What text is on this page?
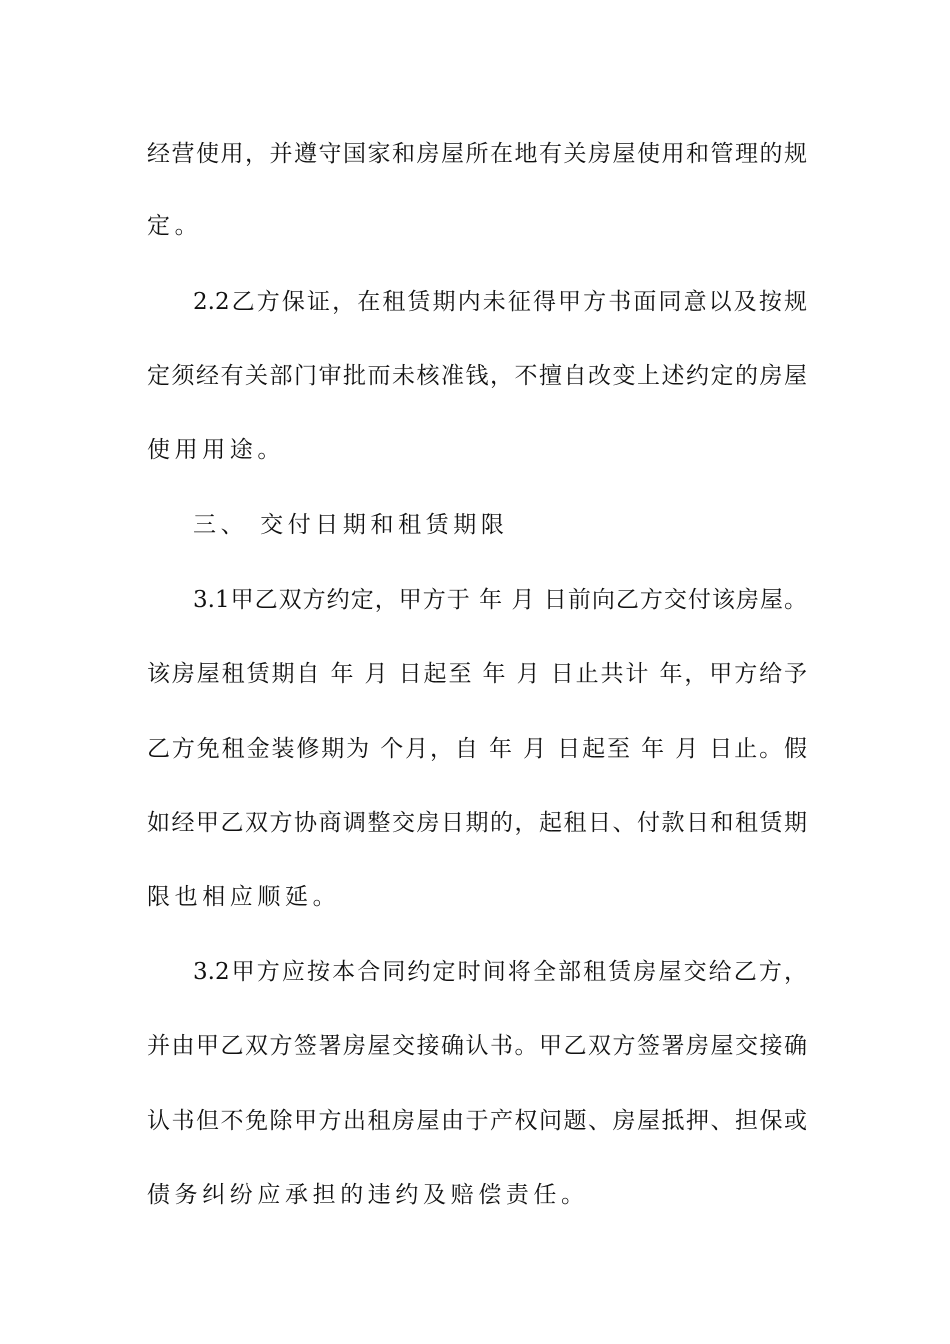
经营使用，并遵守国家和房屋所在地有关房屋使用和管理的规
定。
2.2乙方保证，在租赁期内未征得甲方书面同意以及按规
定须经有关部门审批而未核准钱，不擅自改变上述约定的房屋
使用用途。
三、 交付日期和租赁期限
3.1甲乙双方约定，甲方于 年 月 日前向乙方交付该房屋。
该房屋租赁期自 年 月 日起至 年 月 日止共计 年，甲方给予
乙方免租金装修期为 个月，自 年 月 日起至 年 月 日止。假
如经甲乙双方协商调整交房日期的，起租日、付款日和租赁期
限也相应顺延。
3.2甲方应按本合同约定时间将全部租赁房屋交给乙方，
并由甲乙双方签署房屋交接确认书。甲乙双方签署房屋交接确
认书但不免除甲方出租房屋由于产权问题、房屋抵押、担保或
债务纠纷应承担的违约及赔偿责任。
